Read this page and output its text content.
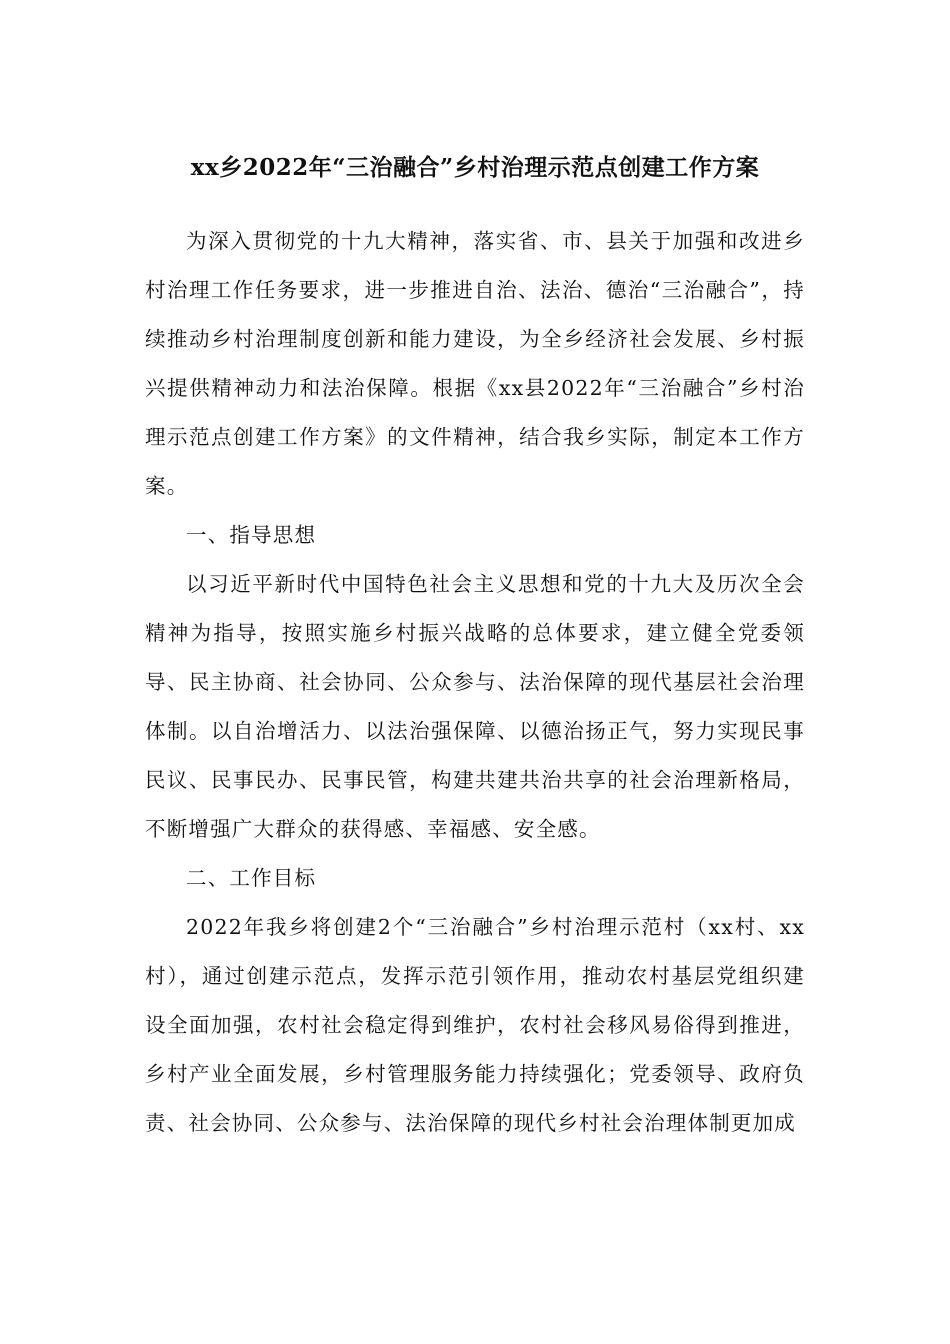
xx乡2022年“三治融合”乡村治理示范点创建工作方案

为深入贯彻党的十九大精神，落实省、市、县关于加强和改进乡村治理工作任务要求，进一步推进自治、法治、德治“三治融合”，持续推动乡村治理制度创新和能力建设，为全乡经济社会发展、乡村振兴提供精神动力和法治保障。根据《xx县2022年“三治融合”乡村治理示范点创建工作方案》的文件精神，结合我乡实际，制定本工作方案。

一、指导思想

以习近平新时代中国特色社会主义思想和党的十九大及历次全会精神为指导，按照实施乡村振兴战略的总体要求，建立健全党委领导、民主协商、社会协同、公众参与、法治保障的现代基层社会治理体制。以自治增活力、以法治强保障、以德治扬正气，努力实现民事民议、民事民办、民事民管，构建共建共治共享的社会治理新格局，不断增强广大群众的获得感、幸福感、安全感。

二、工作目标

2022年我乡将创建2个“三治融合”乡村治理示范村（xx村、xx村），通过创建示范点，发挥示范引领作用，推动农村基层党组织建设全面加强，农村社会稳定得到维护，农村社会移风易俗得到推进，乡村产业全面发展，乡村管理服务能力持续强化；党委领导、政府负责、社会协同、公众参与、法治保障的现代乡村社会治理体制更加成
